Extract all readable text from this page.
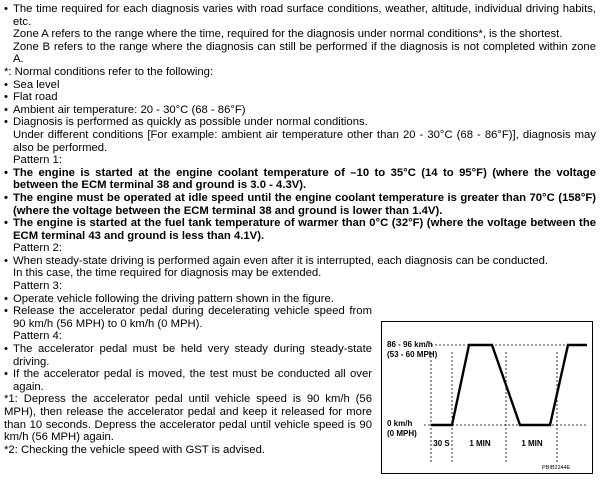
• The time required for each diagnosis varies with road surface conditions, weather, altitude, individual driving habits, etc.
Zone A refers to the range where the time, required for the diagnosis under normal conditions*, is the shortest.
Zone B refers to the range where the diagnosis can still be performed if the diagnosis is not completed within zone A.
*: Normal conditions refer to the following:
• Sea level
• Flat road
• Ambient air temperature: 20 - 30°C (68 - 86°F)
• Diagnosis is performed as quickly as possible under normal conditions.
Under different conditions [For example: ambient air temperature other than 20 - 30°C (68 - 86°F)], diagnosis may also be performed.
Pattern 1:
• The engine is started at the engine coolant temperature of –10 to 35°C (14 to 95°F) (where the voltage between the ECM terminal 38 and ground is 3.0 - 4.3V).
• The engine must be operated at idle speed until the engine coolant temperature is greater than 70°C (158°F) (where the voltage between the ECM terminal 38 and ground is lower than 1.4V).
• The engine is started at the fuel tank temperature of warmer than 0°C (32°F) (where the voltage between the ECM terminal 43 and ground is less than 4.1V).
Pattern 2:
• When steady-state driving is performed again even after it is interrupted, each diagnosis can be conducted.
In this case, the time required for diagnosis may be extended.
Pattern 3:
• Operate vehicle following the driving pattern shown in the figure.
• Release the accelerator pedal during decelerating vehicle speed from 90 km/h (56 MPH) to 0 km/h (0 MPH).
Pattern 4:
• The accelerator pedal must be held very steady during steady-state driving.
• If the accelerator pedal is moved, the test must be conducted all over again.
*1: Depress the accelerator pedal until vehicle speed is 90 km/h (56 MPH), then release the accelerator pedal and keep it released for more than 10 seconds. Depress the accelerator pedal until vehicle speed is 90 km/h (56 MPH) again.
*2: Checking the vehicle speed with GST is advised.
86 - 96 km/h
(53 - 60 MPH)
0 km/h
(0 MPH)
30 S 1 MIN	1 MIN
PBIB2244E
